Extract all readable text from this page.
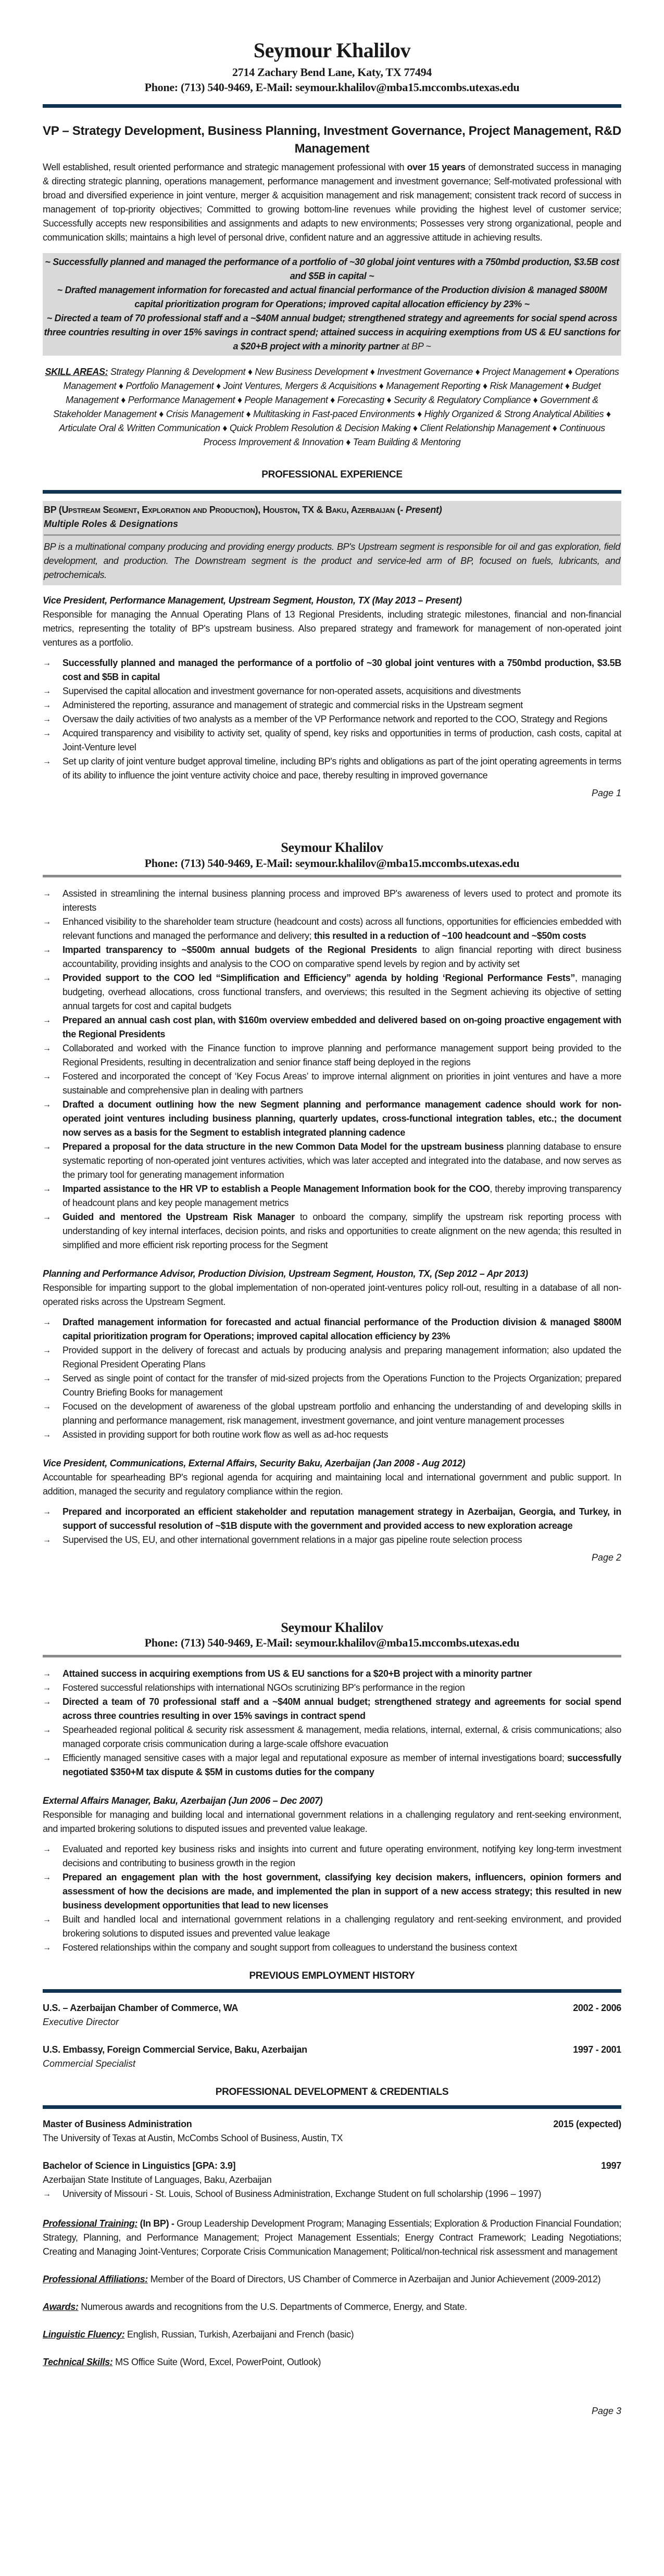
Seymour Khalilov
2714 Zachary Bend Lane, Katy, TX 77494
Phone: (713) 540-9469, E-Mail: seymour.khalilov@mba15.mccombs.utexas.edu
VP – Strategy Development, Business Planning, Investment Governance, Project Management, R&D Management

Well established, result oriented performance and strategic management professional with over 15 years of demonstrated success in managing & directing strategic planning, operations management, performance management and investment governance; Self-motivated professional with broad and diversified experience in joint venture, merger & acquisition management and risk management; consistent track record of success in management of top-priority objectives; Committed to growing bottom-line revenues while providing the highest level of customer service; Successfully accepts new responsibilities and assignments and adapts to new environments; Possesses very strong organizational, people and communication skills; maintains a high level of personal drive, confident nature and an aggressive attitude in achieving results.

~ Successfully planned and managed the performance of a portfolio of ~30 global joint ventures with a 750mbd production, $3.5B cost and $5B in capital ~
~ Drafted management information for forecasted and actual financial performance of the Production division & managed $800M capital prioritization program for Operations; improved capital allocation efficiency by 23% ~
~ Directed a team of 70 professional staff and a ~$40M annual budget; strengthened strategy and agreements for social spend across three countries resulting in over 15% savings in contract spend; attained success in acquiring exemptions from US & EU sanctions for a $20+B project with a minority partner at BP ~
SKILL AREAS: Strategy Planning & Development ♦ New Business Development ♦ Investment Governance ♦ Project Management ♦ Operations Management ♦ Portfolio Management ♦ Joint Ventures, Mergers & Acquisitions ♦ Management Reporting ♦ Risk Management ♦ Budget Management ♦ Performance Management ♦ People Management ♦ Forecasting ♦ Security & Regulatory Compliance ♦ Government & Stakeholder Management ♦ Crisis Management ♦ Multitasking in Fast-paced Environments ♦ Highly Organized & Strong Analytical Abilities ♦ Articulate Oral & Written Communication ♦ Quick Problem Resolution & Decision Making ♦ Client Relationship Management ♦ Continuous Process Improvement & Innovation ♦ Team Building & Mentoring
PROFESSIONAL EXPERIENCE
BP (Upstream Segment, Exploration and Production), Houston, TX & Baku, Azerbaijan (- Present)
Multiple Roles & Designations
BP is a multinational company producing and providing energy products. BP's Upstream segment is responsible for oil and gas exploration, field development, and production. The Downstream segment is the product and service-led arm of BP, focused on fuels, lubricants, and petrochemicals.
Vice President, Performance Management, Upstream Segment, Houston, TX (May 2013 – Present)

Responsible for managing the Annual Operating Plans of 13 Regional Presidents, including strategic milestones, financial and non-financial metrics, representing the totality of BP's upstream business. Also prepared strategy and framework for management of non-operated joint ventures as a portfolio.

→ Successfully planned and managed the performance of a portfolio of ~30 global joint ventures with a 750mbd production, $3.5B cost and $5B in capital
→ Supervised the capital allocation and investment governance for non-operated assets, acquisitions and divestments
→ Administered the reporting, assurance and management of strategic and commercial risks in the Upstream segment
→ Oversaw the daily activities of two analysts as a member of the VP Performance network and reported to the COO, Strategy and Regions
→ Acquired transparency and visibility to activity set, quality of spend, key risks and opportunities in terms of production, cash costs, capital at Joint-Venture level
→ Set up clarity of joint venture budget approval timeline, including BP's rights and obligations as part of the joint operating agreements in terms of its ability to influence the joint venture activity choice and pace, thereby resulting in improved governance
Page 1
Seymour Khalilov
Phone: (713) 540-9469, E-Mail: seymour.khalilov@mba15.mccombs.utexas.edu
→ Assisted in streamlining the internal business planning process and improved BP's awareness of levers used to protect and promote its interests
→ Enhanced visibility to the shareholder team structure (headcount and costs) across all functions, opportunities for efficiencies embedded with relevant functions and managed the performance and delivery; this resulted in a reduction of ~100 headcount and ~$50m costs
→ Imparted transparency to ~$500m annual budgets of the Regional Presidents to align financial reporting with direct business accountability, providing insights and analysis to the COO on comparative spend levels by region and by activity set
→ Provided support to the COO led “Simplification and Efficiency” agenda by holding ‘Regional Performance Fests”, managing budgeting, overhead allocations, cross functional transfers, and overviews; this resulted in the Segment achieving its objective of setting annual targets for cost and capital budgets
→ Prepared an annual cash cost plan, with $160m overview embedded and delivered based on on-going proactive engagement with the Regional Presidents
→ Collaborated and worked with the Finance function to improve planning and performance management support being provided to the Regional Presidents, resulting in decentralization and senior finance staff being deployed in the regions
→ Fostered and incorporated the concept of ‘Key Focus Areas’ to improve internal alignment on priorities in joint ventures and have a more sustainable and comprehensive plan in dealing with partners
→ Drafted a document outlining how the new Segment planning and performance management cadence should work for non-operated joint ventures including business planning, quarterly updates, cross-functional integration tables, etc.; the document now serves as a basis for the Segment to establish integrated planning cadence
→ Prepared a proposal for the data structure in the new Common Data Model for the upstream business planning database to ensure systematic reporting of non-operated joint ventures activities, which was later accepted and integrated into the database, and now serves as the primary tool for generating management information
→ Imparted assistance to the HR VP to establish a People Management Information book for the COO, thereby improving transparency of headcount plans and key people management metrics
→ Guided and mentored the Upstream Risk Manager to onboard the company, simplify the upstream risk reporting process with understanding of key internal interfaces, decision points, and risks and opportunities to create alignment on the new agenda; this resulted in simplified and more efficient risk reporting process for the Segment
Planning and Performance Advisor, Production Division, Upstream Segment, Houston, TX, (Sep 2012 – Apr 2013)

Responsible for imparting support to the global implementation of non-operated joint-ventures policy roll-out, resulting in a database of all non-operated risks across the Upstream Segment.

→ Drafted management information for forecasted and actual financial performance of the Production division & managed $800M capital prioritization program for Operations; improved capital allocation efficiency by 23%
→ Provided support in the delivery of forecast and actuals by producing analysis and preparing management information; also updated the Regional President Operating Plans
→ Served as single point of contact for the transfer of mid-sized projects from the Operations Function to the Projects Organization; prepared Country Briefing Books for management
→ Focused on the development of awareness of the global upstream portfolio and enhancing the understanding of and developing skills in planning and performance management, risk management, investment governance, and joint venture management processes
→ Assisted in providing support for both routine work flow as well as ad-hoc requests
Vice President, Communications, External Affairs, Security Baku, Azerbaijan (Jan 2008 - Aug 2012)

Accountable for spearheading BP's regional agenda for acquiring and maintaining local and international government and public support. In addition, managed the security and regulatory compliance within the region.

→ Prepared and incorporated an efficient stakeholder and reputation management strategy in Azerbaijan, Georgia, and Turkey, in support of successful resolution of ~$1B dispute with the government and provided access to new exploration acreage
→ Supervised the US, EU, and other international government relations in a major gas pipeline route selection process
Page 2
Seymour Khalilov
Phone: (713) 540-9469, E-Mail: seymour.khalilov@mba15.mccombs.utexas.edu
→ Attained success in acquiring exemptions from US & EU sanctions for a $20+B project with a minority partner
→ Fostered successful relationships with international NGOs scrutinizing BP's performance in the region
→ Directed a team of 70 professional staff and a ~$40M annual budget; strengthened strategy and agreements for social spend across three countries resulting in over 15% savings in contract spend
→ Spearheaded regional political & security risk assessment & management, media relations, internal, external, & crisis communications; also managed corporate crisis communication during a large-scale offshore evacuation
→ Efficiently managed sensitive cases with a major legal and reputational exposure as member of internal investigations board; successfully negotiated $350+M tax dispute & $5M in customs duties for the company
External Affairs Manager, Baku, Azerbaijan (Jun 2006 – Dec 2007)

Responsible for managing and building local and international government relations in a challenging regulatory and rent-seeking environment, and imparted brokering solutions to disputed issues and prevented value leakage.

→ Evaluated and reported key business risks and insights into current and future operating environment, notifying key long-term investment decisions and contributing to business growth in the region
→ Prepared an engagement plan with the host government, classifying key decision makers, influencers, opinion formers and assessment of how the decisions are made, and implemented the plan in support of a new access strategy; this resulted in new business development opportunities that lead to new licenses
→ Built and handled local and international government relations in a challenging regulatory and rent-seeking environment, and provided brokering solutions to disputed issues and prevented value leakage
→ Fostered relationships within the company and sought support from colleagues to understand the business context
PREVIOUS EMPLOYMENT HISTORY
U.S. – Azerbaijan Chamber of Commerce, WA	2002 - 2006
Executive Director
U.S. Embassy, Foreign Commercial Service, Baku, Azerbaijan	1997 - 2001
Commercial Specialist
PROFESSIONAL DEVELOPMENT & CREDENTIALS
Master of Business Administration	2015 (expected)
The University of Texas at Austin, McCombs School of Business, Austin, TX
Bachelor of Science in Linguistics [GPA: 3.9]	1997
Azerbaijan State Institute of Languages, Baku, Azerbaijan
→ University of Missouri - St. Louis, School of Business Administration, Exchange Student on full scholarship (1996 – 1997)
Professional Training: (In BP) - Group Leadership Development Program; Managing Essentials; Exploration & Production Financial Foundation; Strategy, Planning, and Performance Management; Project Management Essentials; Energy Contract Framework; Leading Negotiations; Creating and Managing Joint-Ventures; Corporate Crisis Communication Management; Political/non-technical risk assessment and management
Professional Affiliations: Member of the Board of Directors, US Chamber of Commerce in Azerbaijan and Junior Achievement (2009-2012)
Awards: Numerous awards and recognitions from the U.S. Departments of Commerce, Energy, and State.
Linguistic Fluency: English, Russian, Turkish, Azerbaijani and French (basic)
Technical Skills: MS Office Suite (Word, Excel, PowerPoint, Outlook)
Page 3
